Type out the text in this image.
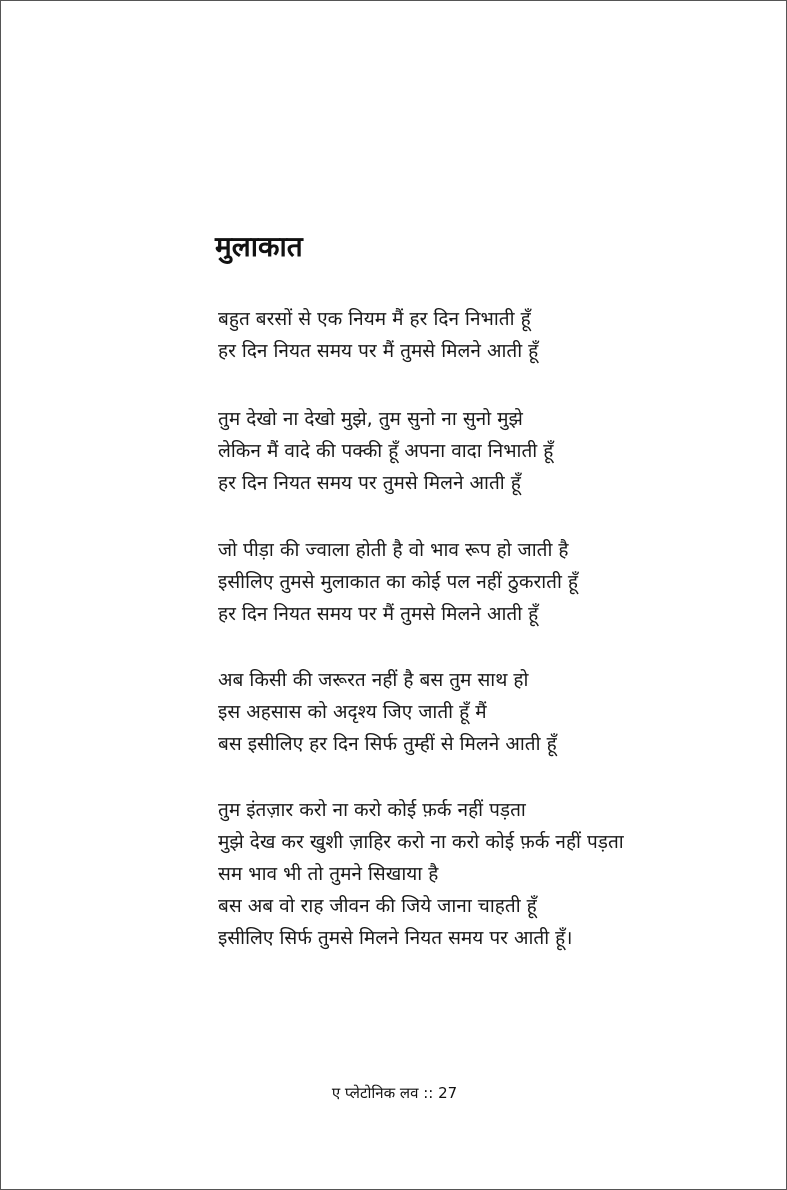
मुलाकात
बहुत बरसों से एक नियम मैं हर दिन निभाती हूँ
हर दिन नियत समय पर मैं तुमसे मिलने आती हूँ
तुम देखो ना देखो मुझे, तुम सुनो ना सुनो मुझे
लेकिन मैं वादे की पक्की हूँ अपना वादा निभाती हूँ
हर दिन नियत समय पर तुमसे मिलने आती हूँ
जो पीड़ा की ज्वाला होती है वो भाव रूप हो जाती है
इसीलिए तुमसे मुलाकात का कोई पल नहीं ठुकराती हूँ
हर दिन नियत समय पर मैं तुमसे मिलने आती हूँ
अब किसी की जरूरत नहीं है बस तुम साथ हो
इस अहसास को अदृश्य जिए जाती हूँ मैं
बस इसीलिए हर दिन सिर्फ तुम्हीं से मिलने आती हूँ
तुम इंतज़ार करो ना करो कोई फ़र्क नहीं पड़ता
मुझे देख कर खुशी ज़ाहिर करो ना करो कोई फ़र्क नहीं पड़ता
सम भाव भी तो तुमने सिखाया है
बस अब वो राह जीवन की जिये जाना चाहती हूँ
इसीलिए सिर्फ तुमसे मिलने नियत समय पर आती हूँ।
ए प्लेटोनिक लव :: 27
